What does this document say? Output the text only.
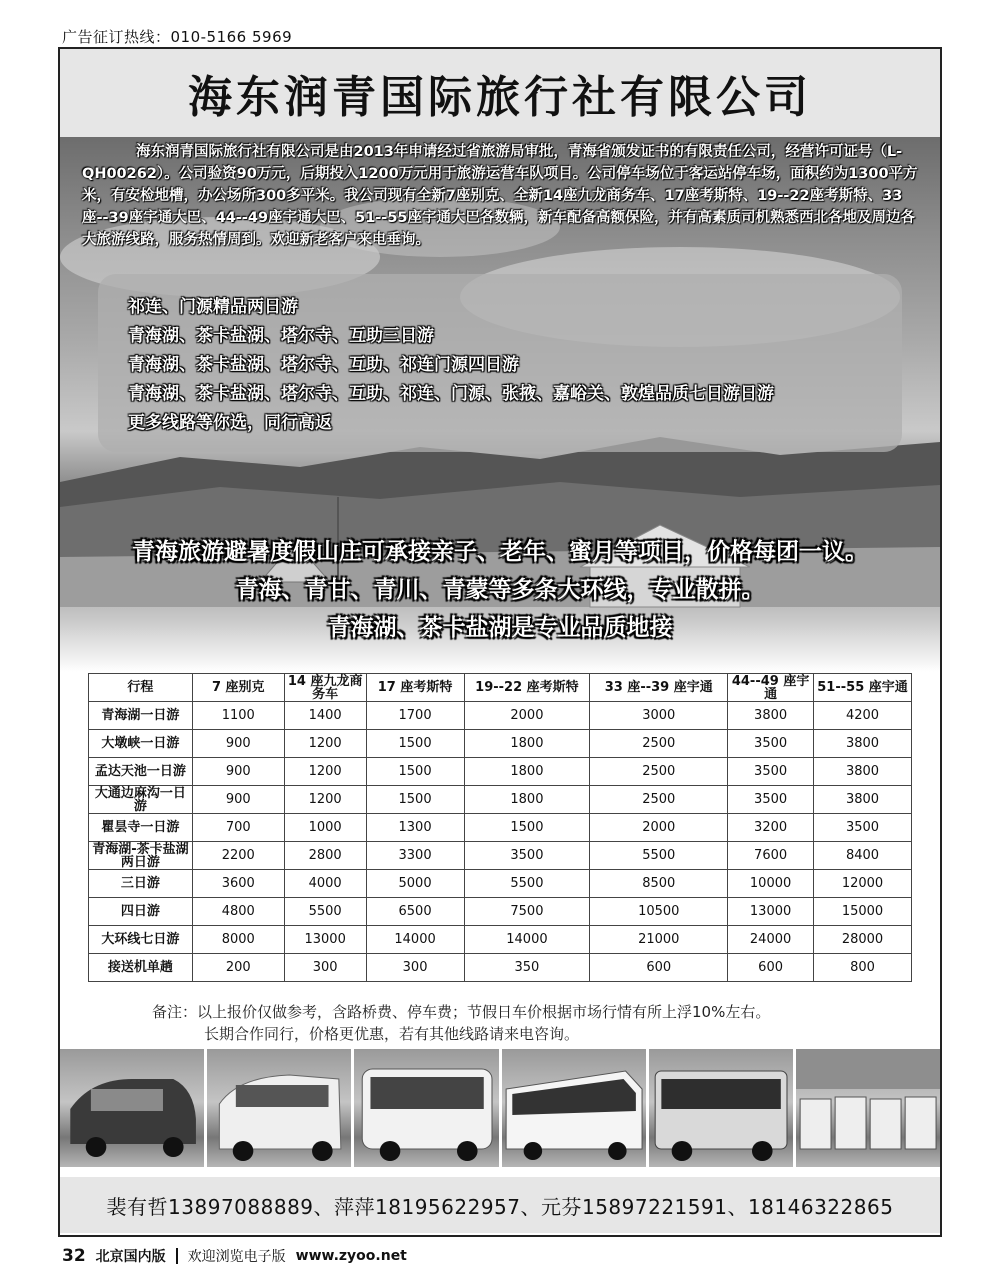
广告征订热线：010-5166 5969
海东润青国际旅行社有限公司
海东润青国际旅行社有限公司是由2013年申请经过省旅游局审批，青海省颁发证书的有限责任公司，经营许可证号（L-QH00262）。公司验资90万元，后期投入1200万元用于旅游运营车队项目。公司停车场位于客运站停车场，面积约为1300平方米，有安检地槽，办公场所300多平米。我公司现有全新7座别克、全新14座九龙商务车、17座考斯特、19--22座考斯特、33座--39座宇通大巴、44--49座宇通大巴、51--55座宇通大巴各数辆，新车配备高额保险，并有高素质司机熟悉西北各地及周边各大旅游线路，服务热情周到。欢迎新老客户来电垂询。
祁连、门源精品两日游
青海湖、茶卡盐湖、塔尔寺、互助三日游
青海湖、茶卡盐湖、塔尔寺、互助、祁连门源四日游
青海湖、茶卡盐湖、塔尔寺、互助、祁连、门源、张掖、嘉峪关、敦煌品质七日游日游
更多线路等你选，同行高返
青海旅游避暑度假山庄可承接亲子、老年、蜜月等项目，价格每团一议。
青海、青甘、青川、青蒙等多条大环线，专业散拼。
青海湖、茶卡盐湖是专业品质地接
行程	7 座别克	14 座九龙商务车	17 座考斯特	19--22 座考斯特	33 座--39 座宇通	44--49 座宇通	51--55 座宇通
青海湖一日游	1100	1400	1700	2000	3000	3800	4200
大墩峡一日游	900	1200	1500	1800	2500	3500	3800
孟达天池一日游	900	1200	1500	1800	2500	3500	3800
大通边麻沟一日游	900	1200	1500	1800	2500	3500	3800
瞿昙寺一日游	700	1000	1300	1500	2000	3200	3500
青海湖-茶卡盐湖两日游	2200	2800	3300	3500	5500	7600	8400
三日游	3600	4000	5000	5500	8500	10000	12000
四日游	4800	5500	6500	7500	10500	13000	15000
大环线七日游	8000	13000	14000	14000	21000	24000	28000
接送机单趟	200	300	300	350	600	600	800
备注：以上报价仅做参考，含路桥费、停车费；节假日车价根据市场行情有所上浮10%左右。
长期合作同行，价格更优惠，若有其他线路请来电咨询。
裴有哲13897088889、萍萍18195622957、元芬15897221591、18146322865
32 北京国内版 欢迎浏览电子版 www.zyoo.net
